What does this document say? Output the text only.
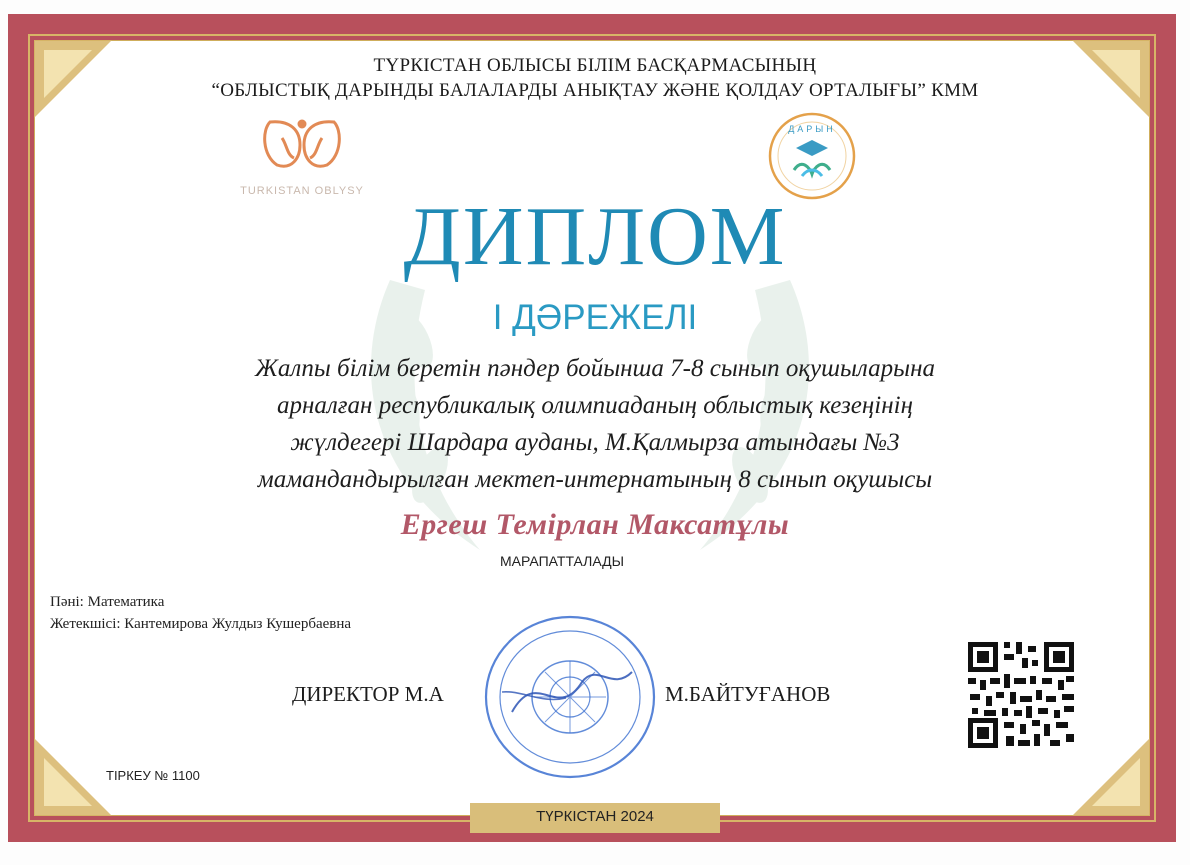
ТҮРКІСТАН ОБЛЫСЫ БІЛІМ БАСҚАРМАСЫНЫҢ
“ОБЛЫСТЫҚ ДАРЫНДЫ БАЛАЛАРДЫ АНЫҚТАУ ЖӘНЕ ҚОЛДАУ ОРТАЛЫҒЫ” КММ
TURKISTAN OBLYSY
ДАРЫН
ДИПЛОМ
І ДӘРЕЖЕЛІ
Жалпы білім беретін пәндер бойынша 7-8 сынып оқушыларына
арналған республикалық олимпиаданың облыстық кезеңінің
жүлдегері Шардара ауданы, М.Қалмырза атындағы №3
мамандандырылған мектеп-интернатының 8 сынып оқушысы
Ергеш Темірлан Максатұлы
МАРАПАТТАЛАДЫ
Пәні: Математика
Жетекшісі: Кантемирова Жулдыз Кушербаевна
ДИРЕКТОР М.А	М.БАЙТУҒАНОВ
ТІРКЕУ № 1100
ТҮРКІСТАН 2024
